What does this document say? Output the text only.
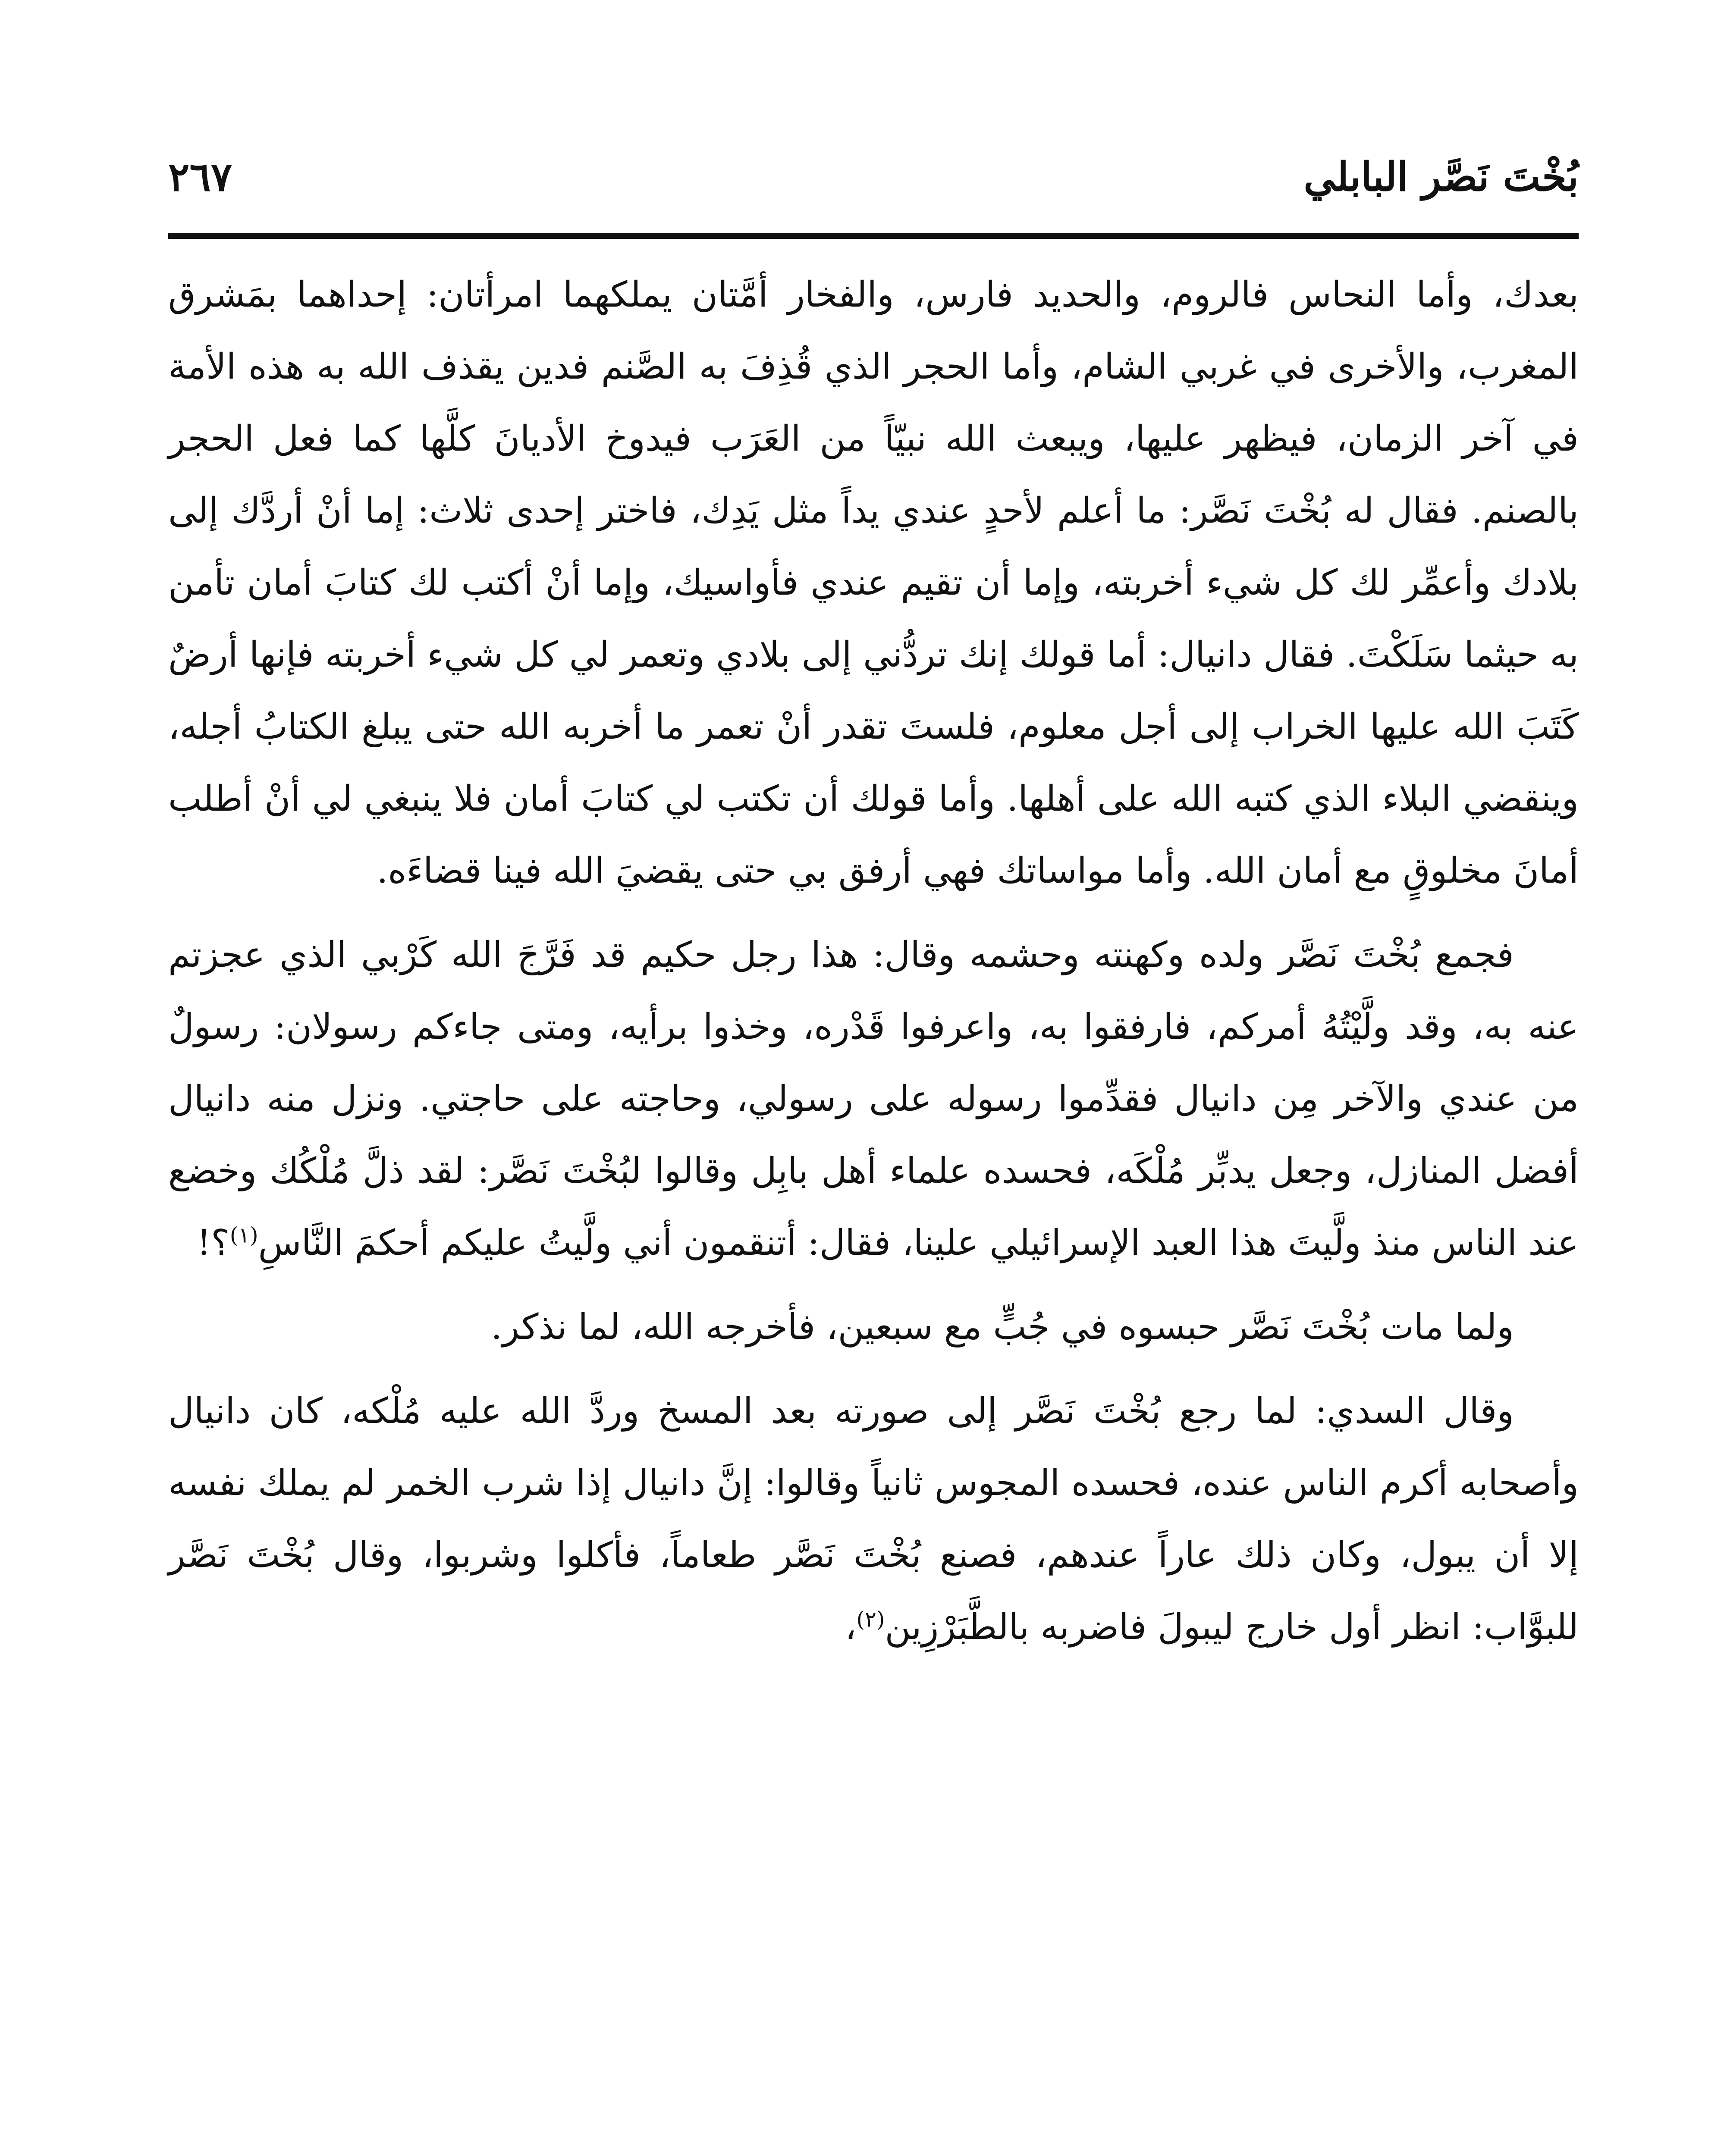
بُخْتَ نَصَّر البابلي
٢٦٧

بعدك، وأما النحاس فالروم، والحديد فارس، والفخار أمَّتان يملكهما امرأتان: إحداهما بمَشرق المغرب، والأخرى في غربي الشام، وأما الحجر الذي قُذِفَ به الصَّنم فدين يقذف الله به هذه الأمة في آخر الزمان، فيظهر عليها، ويبعث الله نبيّاً من العَرَب فيدوخ الأديانَ كلَّها كما فعل الحجر بالصنم. فقال له بُخْتَ نَصَّر: ما أعلم لأحدٍ عندي يداً مثل يَدِك، فاختر إحدى ثلاث: إما أنْ أردَّك إلى بلادك وأعمِّر لك كل شيء أخربته، وإما أن تقيم عندي فأواسيك، وإما أنْ أكتب لك كتابَ أمان تأمن به حيثما سَلَكْتَ. فقال دانيال: أما قولك إنك تردُّني إلى بلادي وتعمر لي كل شيء أخربته فإنها أرضٌ كَتَبَ الله عليها الخراب إلى أجل معلوم، فلستَ تقدر أنْ تعمر ما أخربه الله حتى يبلغ الكتابُ أجله، وينقضي البلاء الذي كتبه الله على أهلها. وأما قولك أن تكتب لي كتابَ أمان فلا ينبغي لي أنْ أطلب أمانَ مخلوقٍ مع أمان الله. وأما مواساتك فهي أرفق بي حتى يقضيَ الله فينا قضاءَه.

فجمع بُخْتَ نَصَّر ولده وكهنته وحشمه وقال: هذا رجل حكيم قد فَرَّجَ الله كَرْبي الذي عجزتم عنه به، وقد ولَّيْتُهُ أمركم، فارفقوا به، واعرفوا قَدْره، وخذوا برأيه، ومتى جاءكم رسولان: رسولٌ من عندي والآخر مِن دانيال فقدِّموا رسوله على رسولي، وحاجته على حاجتي. ونزل منه دانيال أفضل المنازل، وجعل يدبِّر مُلْكَه، فحسده علماء أهل بابِل وقالوا لبُخْتَ نَصَّر: لقد ذلَّ مُلْكُك وخضع عند الناس منذ ولَّيتَ هذا العبد الإسرائيلي علينا، فقال: أتنقمون أني ولَّيتُ عليكم أحكمَ النَّاسِ$^{(١)}$؟!

ولما مات بُخْتَ نَصَّر حبسوه في جُبٍّ مع سبعين، فأخرجه الله، لما نذكر.

وقال السدي: لما رجع بُخْتَ نَصَّر إلى صورته بعد المسخ وردَّ الله عليه مُلْكه، كان دانيال وأصحابه أكرم الناس عنده، فحسده المجوس ثانياً وقالوا: إنَّ دانيال إذا شرب الخمر لم يملك نفسه إلا أن يبول، وكان ذلك عاراً عندهم، فصنع بُخْتَ نَصَّر طعاماً، فأكلوا وشربوا، وقال بُخْتَ نَصَّر للبوَّاب: انظر أول خارج ليبولَ فاضربه بالطَّبَرْزِين$^{(٢)}$،
